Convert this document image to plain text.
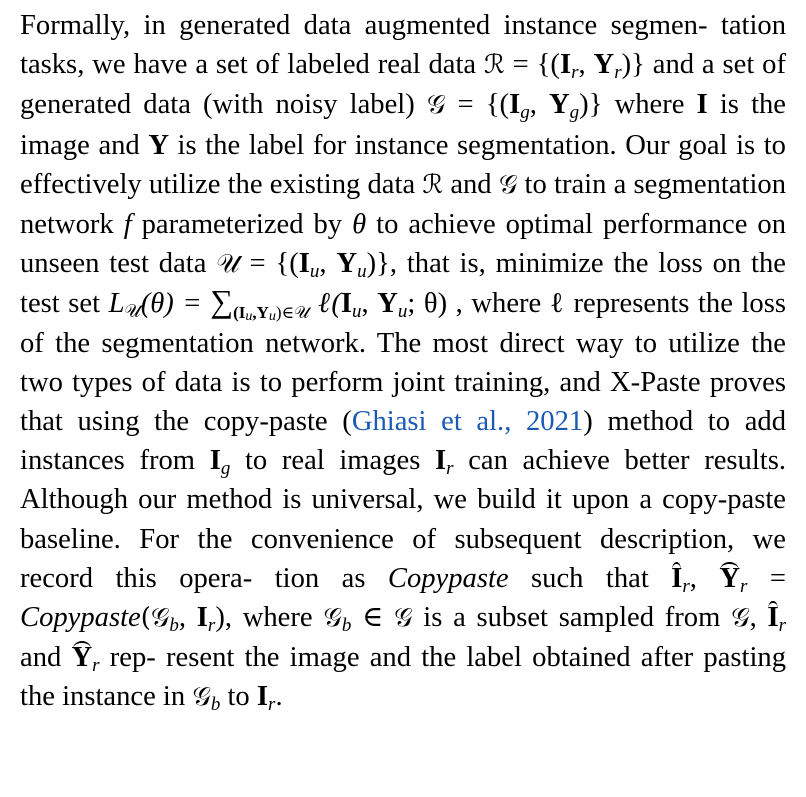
Formally, in generated data augmented instance segmen- tation tasks, we have a set of labeled real data ℛ = {($I_r$, $Y_r$)} and a set of generated data (with noisy label) 𝒢 = {($I_g$, $Y_g$)} where I is the image and Y is the label for instance segmentation. Our goal is to effectively utilize the existing data ℛ and 𝒢 to train a segmentation network f parameterized by θ to achieve optimal performance on unseen test data 𝒰 = {($I_u$, $Y_u$)}, that is, minimize the loss on the test set $L_𝒰(\theta) = \sum_{(Iu,Yu)\in 𝒰}$ $\ell(I_u$, $Y_u$; θ) , where ℓ represents the loss of the segmentation network. The most direct way to utilize the two types of data is to perform joint training, and X-Paste proves that using the copy-paste (Ghiasi et al., 2021) method to add instances from $I_g$ to real images $I_r$ can achieve better results. Although our method is universal, we build it upon a copy-paste baseline. For the convenience of subsequent description, we record this opera- tion as Copypaste such that $I_r$, $Y_r$ = Copypaste(𝒢$_b$, $I_r$), where 𝒢$_b$ ∈ 𝒢 is a subset sampled from 𝒢, $I_r$ and $Y_r$ rep- resent the image and the label obtained after pasting the instance in 𝒢$_b$ to $I_r$.
